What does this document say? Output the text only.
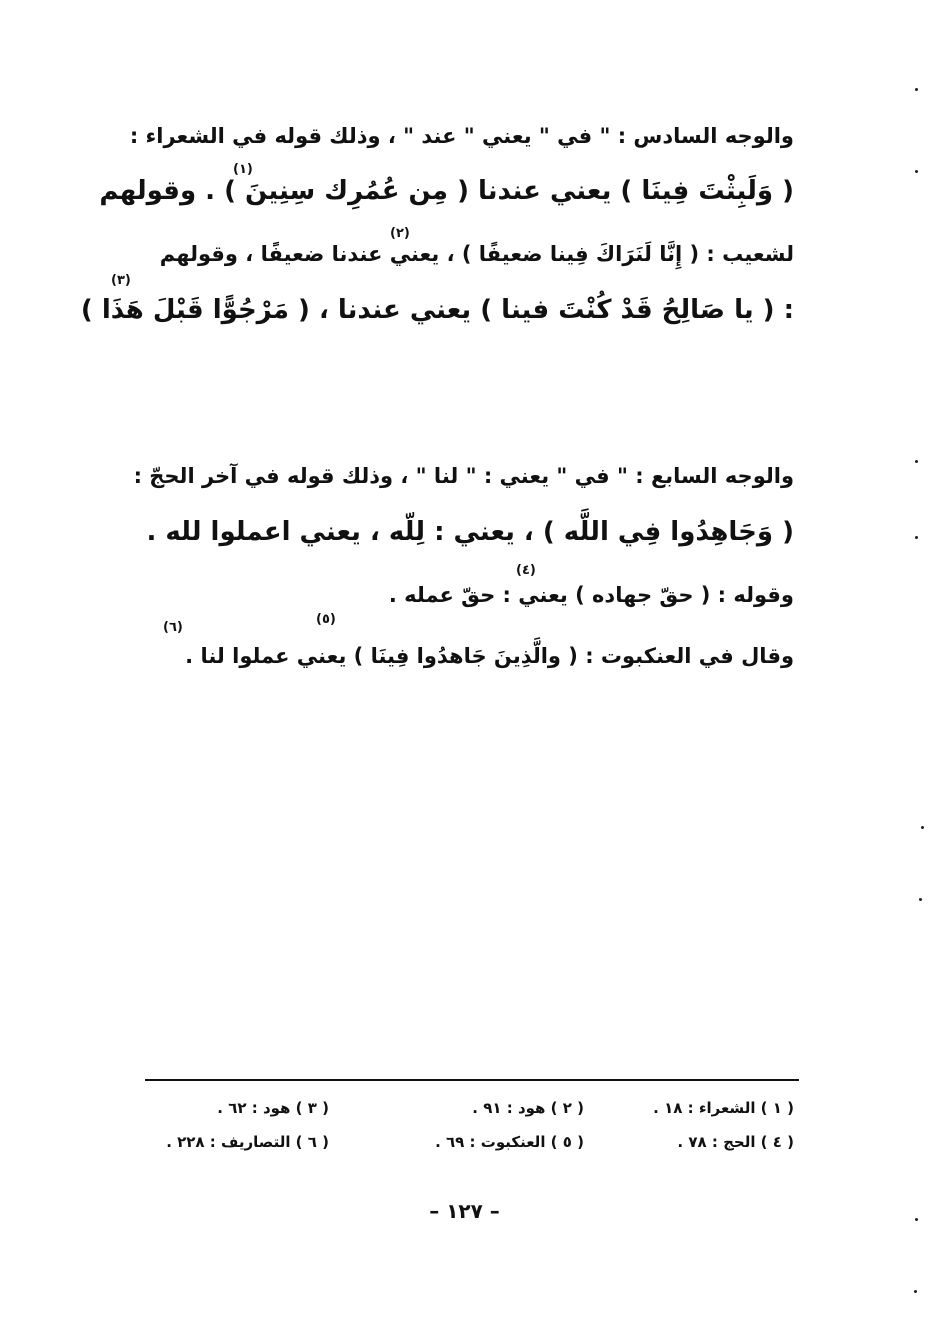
والوجه السادس : " في " يعني " عند " ، وذلك قوله في الشعراء :
( وَلَبِثْتَ فِينَا ) يعني عندنا ( مِن عُمُرِك سِنِينَ ) . وقولهم
لشعيب : ( إِنَّا لَنَرَاكَ فِينا ضعيفًا ) ، يعني عندنا ضعيفًا ، وقولهم
: ( يا صَالِحُ قَدْ كُنْتَ فينا ) يعني عندنا ، ( مَرْجُوًّا قَبْلَ هَذَا )
(١)
(٢)
(٣)
والوجه السابع : " في " يعني : " لنا " ، وذلك قوله في آخر الحجّ :
( وَجَاهِدُوا فِي اللَّه ) ، يعني : لِلّه ، يعني اعملوا لله .
وقوله : ( حقّ جهاده ) يعني : حقّ عمله .
وقال في العنكبوت : ( والَّذِينَ جَاهدُوا فِينَا ) يعني عملوا لنا .
(٤)
(٥)
(٦)
( ١ ) الشعراء : ١٨ .
( ٢ ) هود : ٩١ .
( ٣ ) هود : ٦٢ .
( ٤ ) الحج : ٧٨ .
( ٥ ) العنكبوت : ٦٩ .
( ٦ ) التصاريف : ٢٢٨ .
– ١٢٧ –
